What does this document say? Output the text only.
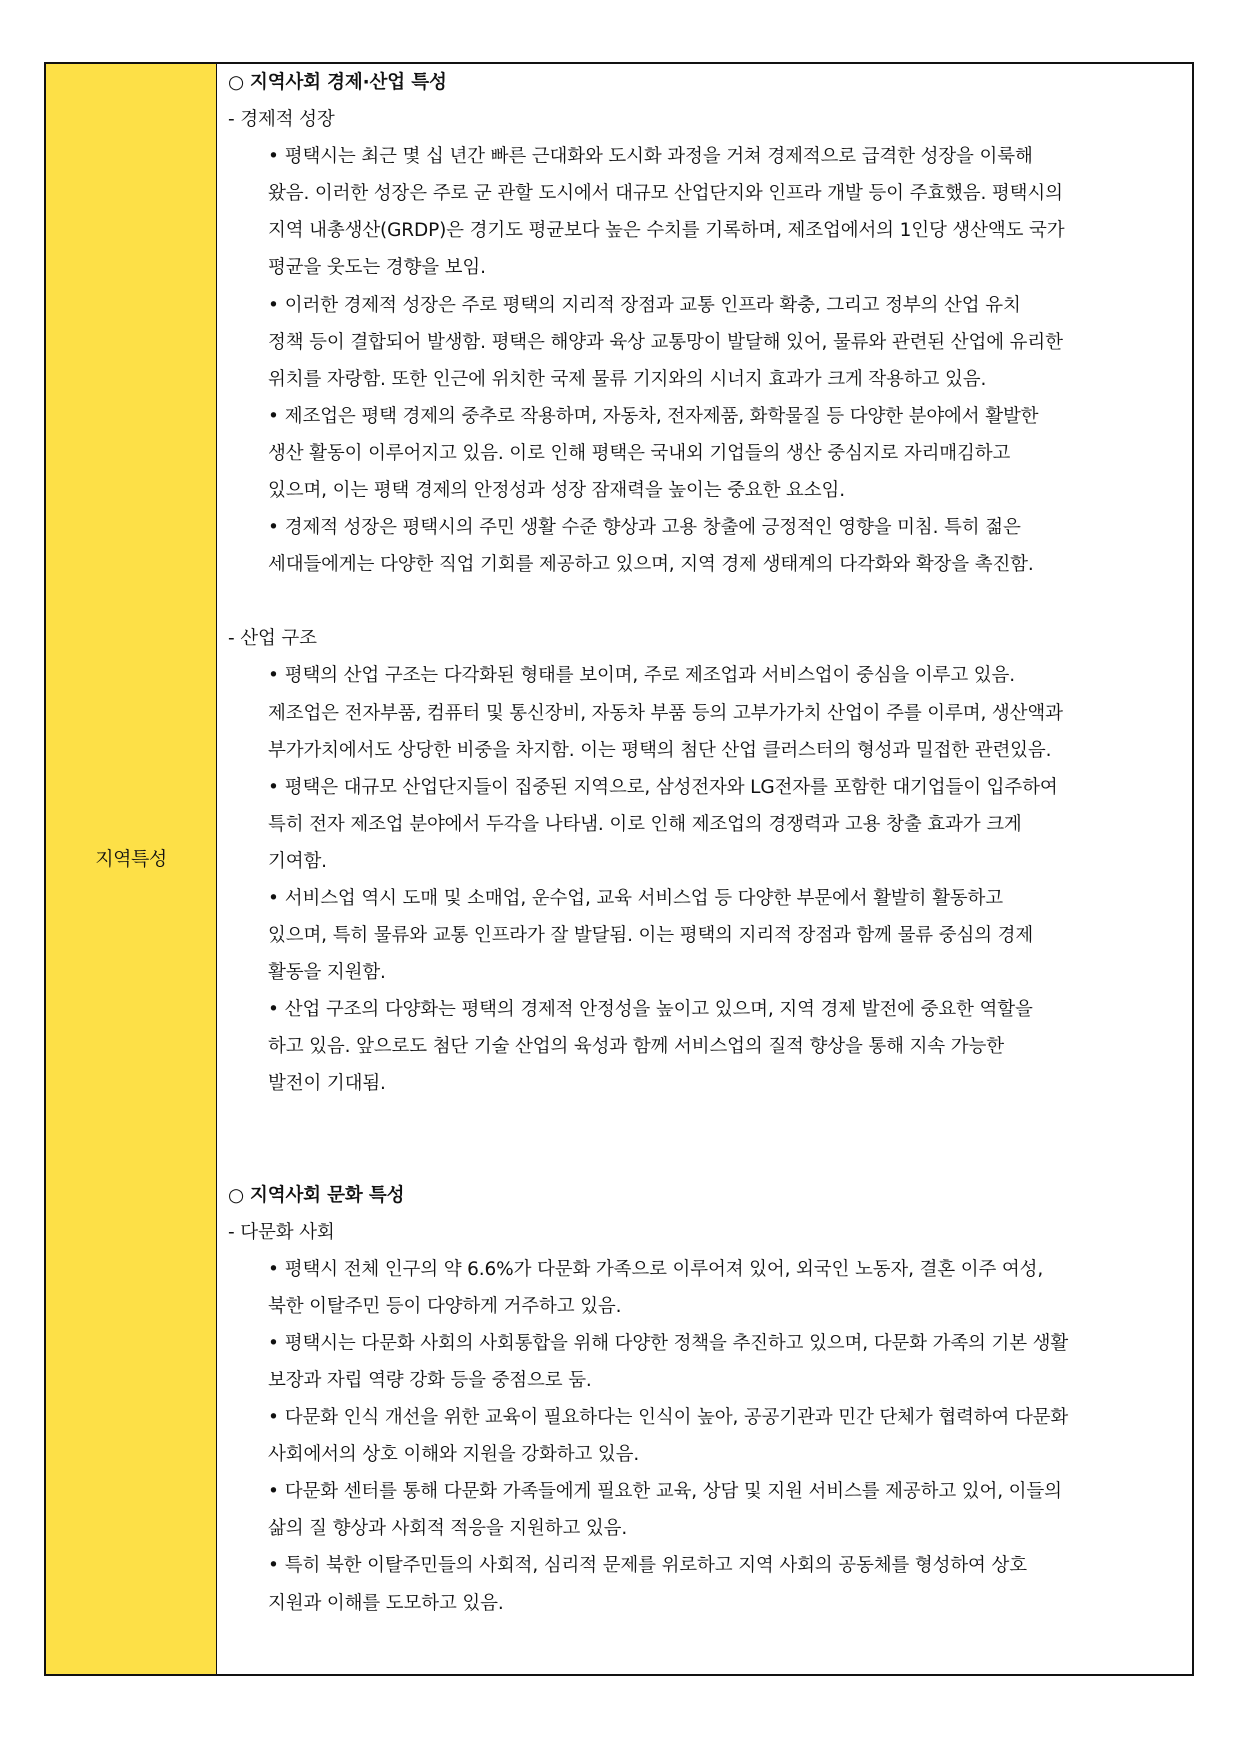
지역특성
○ 지역사회 경제·산업 특성
- 경제적 성장
• 평택시는 최근 몇 십 년간 빠른 근대화와 도시화 과정을 거쳐 경제적으로 급격한 성장을 이룩해
왔음. 이러한 성장은 주로 군 관할 도시에서 대규모 산업단지와 인프라 개발 등이 주효했음. 평택시의
지역 내총생산(GRDP)은 경기도 평균보다 높은 수치를 기록하며, 제조업에서의 1인당 생산액도 국가
평균을 웃도는 경향을 보임.
• 이러한 경제적 성장은 주로 평택의 지리적 장점과 교통 인프라 확충, 그리고 정부의 산업 유치
정책 등이 결합되어 발생함. 평택은 해양과 육상 교통망이 발달해 있어, 물류와 관련된 산업에 유리한
위치를 자랑함. 또한 인근에 위치한 국제 물류 기지와의 시너지 효과가 크게 작용하고 있음.
• 제조업은 평택 경제의 중추로 작용하며, 자동차, 전자제품, 화학물질 등 다양한 분야에서 활발한
생산 활동이 이루어지고 있음. 이로 인해 평택은 국내외 기업들의 생산 중심지로 자리매김하고
있으며, 이는 평택 경제의 안정성과 성장 잠재력을 높이는 중요한 요소임.
• 경제적 성장은 평택시의 주민 생활 수준 향상과 고용 창출에 긍정적인 영향을 미침. 특히 젊은
세대들에게는 다양한 직업 기회를 제공하고 있으며, 지역 경제 생태계의 다각화와 확장을 촉진함.
- 산업 구조
• 평택의 산업 구조는 다각화된 형태를 보이며, 주로 제조업과 서비스업이 중심을 이루고 있음.
제조업은 전자부품, 컴퓨터 및 통신장비, 자동차 부품 등의 고부가가치 산업이 주를 이루며, 생산액과
부가가치에서도 상당한 비중을 차지함. 이는 평택의 첨단 산업 클러스터의 형성과 밀접한 관련있음.
• 평택은 대규모 산업단지들이 집중된 지역으로, 삼성전자와 LG전자를 포함한 대기업들이 입주하여
특히 전자 제조업 분야에서 두각을 나타냄. 이로 인해 제조업의 경쟁력과 고용 창출 효과가 크게
기여함.
• 서비스업 역시 도매 및 소매업, 운수업, 교육 서비스업 등 다양한 부문에서 활발히 활동하고
있으며, 특히 물류와 교통 인프라가 잘 발달됨. 이는 평택의 지리적 장점과 함께 물류 중심의 경제
활동을 지원함.
• 산업 구조의 다양화는 평택의 경제적 안정성을 높이고 있으며, 지역 경제 발전에 중요한 역할을
하고 있음. 앞으로도 첨단 기술 산업의 육성과 함께 서비스업의 질적 향상을 통해 지속 가능한
발전이 기대됨.
○ 지역사회 문화 특성
- 다문화 사회
• 평택시 전체 인구의 약 6.6%가 다문화 가족으로 이루어져 있어, 외국인 노동자, 결혼 이주 여성,
북한 이탈주민 등이 다양하게 거주하고 있음.
• 평택시는 다문화 사회의 사회통합을 위해 다양한 정책을 추진하고 있으며, 다문화 가족의 기본 생활
보장과 자립 역량 강화 등을 중점으로 둠.
• 다문화 인식 개선을 위한 교육이 필요하다는 인식이 높아, 공공기관과 민간 단체가 협력하여 다문화
사회에서의 상호 이해와 지원을 강화하고 있음.
• 다문화 센터를 통해 다문화 가족들에게 필요한 교육, 상담 및 지원 서비스를 제공하고 있어, 이들의
삶의 질 향상과 사회적 적응을 지원하고 있음.
• 특히 북한 이탈주민들의 사회적, 심리적 문제를 위로하고 지역 사회의 공동체를 형성하여 상호
지원과 이해를 도모하고 있음.
